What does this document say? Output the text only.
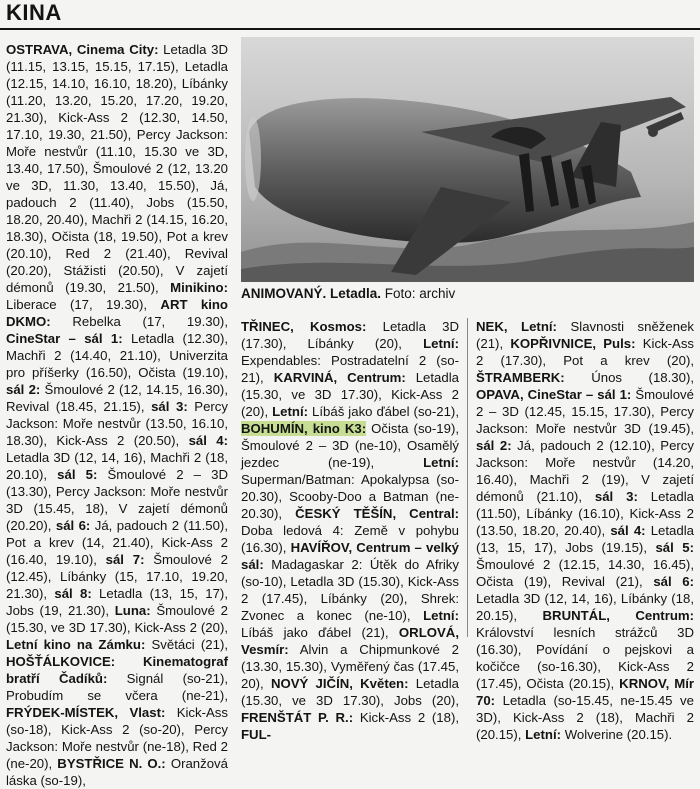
KINA

OSTRAVA, Cinema City: Letadla 3D (11.15, 13.15, 15.15, 17.15), Letadla (12.15, 14.10, 16.10, 18.20), Líbánky (11.20, 13.20, 15.20, 17.20, 19.20, 21.30), Kick-Ass 2 (12.30, 14.50, 17.10, 19.30, 21.50), Percy Jackson: Moře nestvůr (11.10, 15.30 ve 3D, 13.40, 17.50), Šmoulové 2 (12, 13.20 ve 3D, 11.30, 13.40, 15.50), Já, padouch 2 (11.40), Jobs (15.50, 18.20, 20.40), Machři 2 (14.15, 16.20, 18.30), Očista (18, 19.50), Pot a krev (20.10), Red 2 (21.40), Revival (20.20), Stážisti (20.50), V zajetí démonů (19.30, 21.50), Minikino: Liberace (17, 19.30), ART kino DKMO: Rebelka (17, 19.30), CineStar – sál 1: Letadla (12.30), Machři 2 (14.40, 21.10), Univerzita pro příšerky (16.50), Očista (19.10), sál 2: Šmoulové 2 (12, 14.15, 16.30), Revival (18.45, 21.15), sál 3: Percy Jackson: Moře nestvůr (13.50, 16.10, 18.30), Kick-Ass 2 (20.50), sál 4: Letadla 3D (12, 14, 16), Machři 2 (18, 20.10), sál 5: Šmoulové 2 – 3D (13.30), Percy Jackson: Moře nestvůr 3D (15.45, 18), V zajetí démonů (20.20), sál 6: Já, padouch 2 (11.50), Pot a krev (14, 21.40), Kick-Ass 2 (16.40, 19.10), sál 7: Šmoulové 2 (12.45), Líbánky (15, 17.10, 19.20, 21.30), sál 8: Letadla (13, 15, 17), Jobs (19, 21.30), Luna: Šmoulové 2 (15.30, ve 3D 17.30), Kick-Ass 2 (20), Letní kino na Zámku: Světáci (21), HOŠŤÁLKOVICE: Kinematograf bratří Čadíků: Signál (so-21), Probudím se včera (ne-21), FRÝDEK-MÍSTEK, Vlast: Kick-Ass (so-18), Kick-Ass 2 (so-20), Percy Jackson: Moře nestvůr (ne-18), Red 2 (ne-20), BYSTŘICE N. O.: Oranžová láska (so-19),

ANIMOVANÝ. Letadla. Foto: archiv

TŘINEC, Kosmos: Letadla 3D (17.30), Líbánky (20), Letní: Expendables: Postradatelní 2 (so-21), KARVINÁ, Centrum: Letadla (15.30, ve 3D 17.30), Kick-Ass 2 (20), Letní: Líbáš jako ďábel (so-21), BOHUMÍN, kino K3: Očista (so-19), Šmoulové 2 – 3D (ne-10), Osamělý jezdec (ne-19), Letní: Superman/Batman: Apokalypsa (so-20.30), Scooby-Doo a Batman (ne-20.30), ČESKÝ TĚŠÍN, Central: Doba ledová 4: Země v pohybu (16.30), HAVÍŘOV, Centrum – velký sál: Madagaskar 2: Útěk do Afriky (so-10), Letadla 3D (15.30), Kick-Ass 2 (17.45), Líbánky (20), Shrek: Zvonec a konec (ne-10), Letní: Líbáš jako ďábel (21), ORLOVÁ, Vesmír: Alvin a Chipmunkové 2 (13.30, 15.30), Vyměřený čas (17.45, 20), NOVÝ JIČÍN, Květen: Letadla (15.30, ve 3D 17.30), Jobs (20), FRENŠTÁT P. R.: Kick-Ass 2 (18), FUL-

NEK, Letní: Slavnosti sněženek (21), KOPŘIVNICE, Puls: Kick-Ass 2 (17.30), Pot a krev (20), ŠTRAMBERK: Únos (18.30), OPAVA, CineStar – sál 1: Šmoulové 2 – 3D (12.45, 15.15, 17.30), Percy Jackson: Moře nestvůr 3D (19.45), sál 2: Já, padouch 2 (12.10), Percy Jackson: Moře nestvůr (14.20, 16.40), Machři 2 (19), V zajetí démonů (21.10), sál 3: Letadla (11.50), Líbánky (16.10), Kick-Ass 2 (13.50, 18.20, 20.40), sál 4: Letadla (13, 15, 17), Jobs (19.15), sál 5: Šmoulové 2 (12.15, 14.30, 16.45), Očista (19), Revival (21), sál 6: Letadla 3D (12, 14, 16), Líbánky (18, 20.15), BRUNTÁL, Centrum: Království lesních strážců 3D (16.30), Povídání o pejskovi a kočičce (so-16.30), Kick-Ass 2 (17.45), Očista (20.15), KRNOV, Mír 70: Letadla (so-15.45, ne-15.45 ve 3D), Kick-Ass 2 (18), Machři 2 (20.15), Letní: Wolverine (20.15).
